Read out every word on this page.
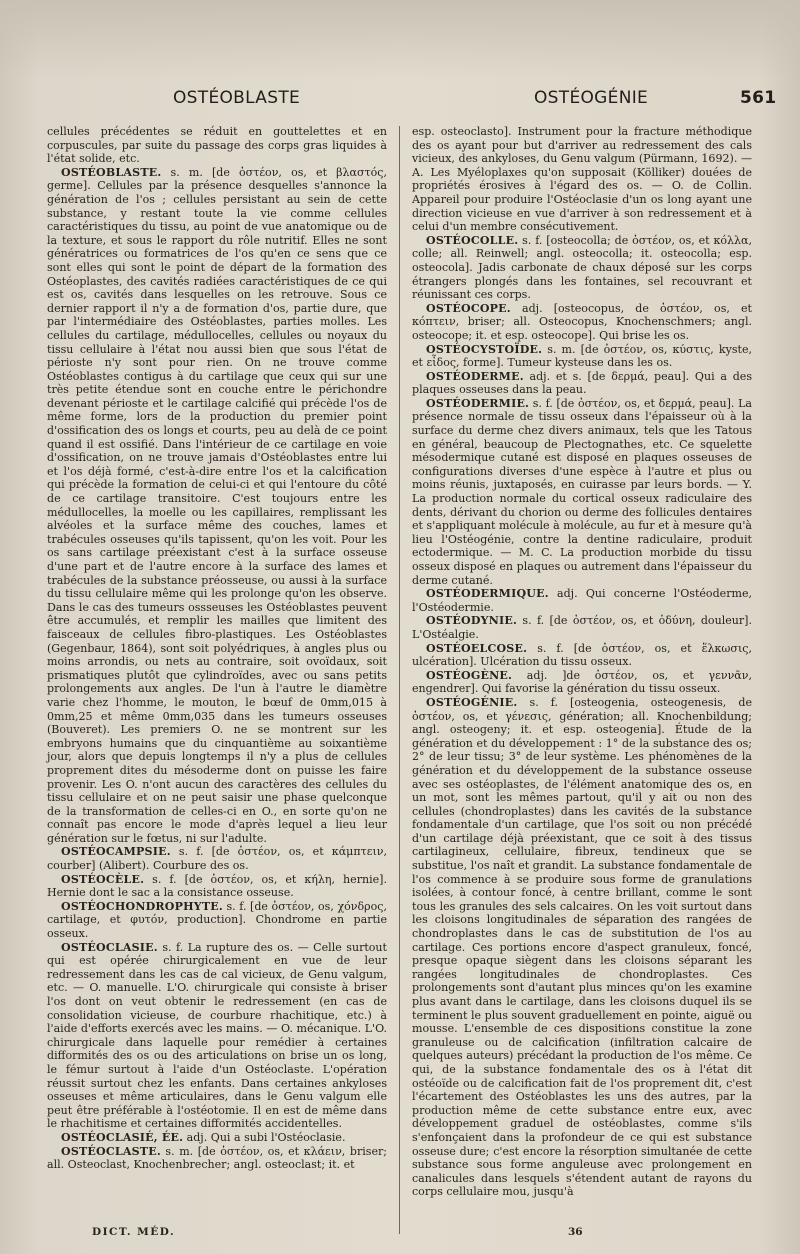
OSTÉOBLASTE	OSTÉOGÉNIE	561

cellules précédentes se réduit en gouttelettes et en corpuscules, par suite du passage des corps gras liquides à l'état solide, etc.

OSTÉOBLASTE. s. m. [de ὀστέον, os, et βλαστός, germe]. Cellules par la présence desquelles s'annonce la génération de l'os ; cellules persistant au sein de cette substance, y restant toute la vie comme cellules caractéristiques du tissu, au point de vue anatomique ou de la texture, et sous le rapport du rôle nutritif. Elles ne sont génératrices ou formatrices de l'os qu'en ce sens que ce sont elles qui sont le point de départ de la formation des Ostéoplastes, des cavités radiées caractéristiques de ce qui est os, cavités dans lesquelles on les retrouve. Sous ce dernier rapport il n'y a de formation d'os, partie dure, que par l'intermédiaire des Ostéoblastes, parties molles. Les cellules du cartilage, médullocelles, cellules ou noyaux du tissu cellulaire à l'état nou aussi bien que sous l'état de périoste n'y sont pour rien. On ne trouve comme Ostéoblastes contigus à du cartilage que ceux qui sur une très petite étendue sont en couche entre le périchondre devenant périoste et le cartilage calcifié qui précède l'os de même forme, lors de la production du premier point d'ossification des os longs et courts, peu au delà de ce point quand il est ossifié. Dans l'intérieur de ce cartilage en voie d'ossification, on ne trouve jamais d'Ostéoblastes entre lui et l'os déjà formé, c'est-à-dire entre l'os et la calcification qui précède la formation de celui-ci et qui l'entoure du côté de ce cartilage transitoire. C'est toujours entre les médullocelles, la moelle ou les capillaires, remplissant les alvéoles et la surface même des couches, lames et trabécules osseuses qu'ils tapissent, qu'on les voit. Pour les os sans cartilage préexistant c'est à la surface osseuse d'une part et de l'autre encore à la surface des lames et trabécules de la substance préosseuse, ou aussi à la surface du tissu cellulaire même qui les prolonge qu'on les observe. Dans le cas des tumeurs ossseuses les Ostéoblastes peuvent être accumulés, et remplir les mailles que limitent des faisceaux de cellules fibro-plastiques. Les Ostéoblastes (Gegenbaur, 1864), sont soit polyédriques, à angles plus ou moins arrondis, ou nets au contraire, soit ovoïdaux, soit prismatiques plutôt que cylindroïdes, avec ou sans petits prolongements aux angles. De l'un à l'autre le diamètre varie chez l'homme, le mouton, le bœuf de 0mm,015 à 0mm,25 et même 0mm,035 dans les tumeurs osseuses (Bouveret). Les premiers O. ne se montrent sur les embryons humains que du cinquantième au soixantième jour, alors que depuis longtemps il n'y a plus de cellules proprement dites du mésoderme dont on puisse les faire provenir. Les O. n'ont aucun des caractères des cellules du tissu cellulaire et on ne peut saisir une phase quelconque de la transformation de celles-ci en O., en sorte qu'on ne connaît pas encore le mode d'après lequel a lieu leur génération sur le fœtus, ni sur l'adulte.

OSTÉOCAMPSIE. s. f. [de ὀστέον, os, et κάμπτειν, courber] (Alibert). Courbure des os.

OSTÉOCÈLE. s. f. [de ὀστέον, os, et κήλη, hernie]. Hernie dont le sac a la consistance osseuse.

OSTÉOCHONDROPHYTE. s. f. [de ὀστέον, os, χόνδρος, cartilage, et φυτόν, production]. Chondrome en partie osseux.

OSTÉOCLASIE. s. f. La rupture des os. — Celle surtout qui est opérée chirurgicalement en vue de leur redressement dans les cas de cal vicieux, de Genu valgum, etc. — O. manuelle. L'O. chirurgicale qui consiste à briser l'os dont on veut obtenir le redressement (en cas de consolidation vicieuse, de courbure rhachitique, etc.) à l'aide d'efforts exercés avec les mains. — O. mécanique. L'O. chirurgicale dans laquelle pour remédier à certaines difformités des os ou des articulations on brise un os long, le fémur surtout à l'aide d'un Ostéoclaste. L'opération réussit surtout chez les enfants. Dans certaines ankyloses osseuses et même articulaires, dans le Genu valgum elle peut être préférable à l'ostéotomie. Il en est de même dans le rhachitisme et certaines difformités accidentelles.

OSTÉOCLASIÉ, ÉE. adj. Qui a subi l'Ostéoclasie.

OSTÉOCLASTE. s. m. [de ὀστέον, os, et κλάειν, briser; all. Osteoclast, Knochenbrecher; angl. osteoclast; it. et

esp. osteoclasto]. Instrument pour la fracture méthodique des os ayant pour but d'arriver au redressement des cals vicieux, des ankyloses, du Genu valgum (Pürmann, 1692). — A. Les Myéloplaxes qu'on supposait (Kölliker) douées de propriétés érosives à l'égard des os. — O. de Collin. Appareil pour produire l'Ostéoclasie d'un os long ayant une direction vicieuse en vue d'arriver à son redressement et à celui d'un membre consécutivement.

OSTÉOCOLLE. s. f. [osteocolla; de ὀστέον, os, et κόλλα, colle; all. Reinwell; angl. osteocolla; it. osteocolla; esp. osteocola]. Jadis carbonate de chaux déposé sur les corps étrangers plongés dans les fontaines, sel recouvrant et réunissant ces corps.

OSTÉOCOPE. adj. [osteocopus, de ὀστέον, os, et κόπτειν, briser; all. Osteocopus, Knochenschmers; angl. osteocope; it. et esp. osteocope]. Qui brise les os.

OSTÉOCYSTOÏDE. s. m. [de ὀστέον, os, κύστις, kyste, et εἶδος, forme]. Tumeur kysteuse dans les os.

OSTÉODERME. adj. et s. [de δερμά, peau]. Qui a des plaques osseuses dans la peau.

OSTÉODERMIE. s. f. [de ὀστέον, os, et δερμά, peau]. La présence normale de tissu osseux dans l'épaisseur où à la surface du derme chez divers animaux, tels que les Tatous en général, beaucoup de Plectognathes, etc. Ce squelette mésodermique cutané est disposé en plaques osseuses de configurations diverses d'une espèce à l'autre et plus ou moins réunis, juxtaposés, en cuirasse par leurs bords. — Y. La production normale du cortical osseux radiculaire des dents, dérivant du chorion ou derme des follicules dentaires et s'appliquant molécule à molécule, au fur et à mesure qu'à lieu l'Ostéogénie, contre la dentine radiculaire, produit ectodermique. — M. C. La production morbide du tissu osseux disposé en plaques ou autrement dans l'épaisseur du derme cutané.

OSTÉODERMIQUE. adj. Qui concerne l'Ostéoderme, l'Ostéodermie.

OSTÉODYNIE. s. f. [de ὀστέον, os, et ὀδύνη, douleur]. L'Ostéalgie.

OSTÉOELCOSE. s. f. [de ὀστέον, os, et ἕλκωσις, ulcération]. Ulcération du tissu osseux.

OSTÉOGÈNE. adj. ]de ὀστέον, os, et γεννᾶν, engendrer]. Qui favorise la génération du tissu osseux.

OSTÉOGÉNIE. s. f. [osteogenia, osteogenesis, de ὀστέον, os, et γένεσις, génération; all. Knochenbildung; angl. osteogeny; it. et esp. osteogenia]. Étude de la génération et du développement : 1° de la substance des os; 2° de leur tissu; 3° de leur système. Les phénomènes de la génération et du développement de la substance osseuse avec ses ostéoplastes, de l'élément anatomique des os, en un mot, sont les mêmes partout, qu'il y ait ou non des cellules (chondroplastes) dans les cavités de la substance fondamentale d'un cartilage, que l'os soit ou non précédé d'un cartilage déjà préexistant, que ce soit à des tissus cartilagineux, cellulaire, fibreux, tendineux que se substitue, l'os naît et grandit. La substance fondamentale de l'os commence à se produire sous forme de granulations isolées, à contour foncé, à centre brillant, comme le sont tous les granules des sels calcaires. On les voit surtout dans les cloisons longitudinales de séparation des rangées de chondroplastes dans le cas de substitution de l'os au cartilage. Ces portions encore d'aspect granuleux, foncé, presque opaque siègent dans les cloisons séparant les rangées longitudinales de chondroplastes. Ces prolongements sont d'autant plus minces qu'on les examine plus avant dans le cartilage, dans les cloisons duquel ils se terminent le plus souvent graduellement en pointe, aiguë ou mousse. L'ensemble de ces dispositions constitue la zone granuleuse ou de calcification (infiltration calcaire de quelques auteurs) précédant la production de l'os même. Ce qui, de la substance fondamentale des os à l'état dit ostéoïde ou de calcification fait de l'os proprement dit, c'est l'écartement des Ostéoblastes les uns des autres, par la production même de cette substance entre eux, avec développement graduel de ostéoblastes, comme s'ils s'enfonçaient dans la profondeur de ce qui est substance osseuse dure; c'est encore la résorption simultanée de cette substance sous forme anguleuse avec prolongement en canalicules dans lesquels s'étendent autant de rayons du corps cellulaire mou, jusqu'à

DICT. MÉD.	36
